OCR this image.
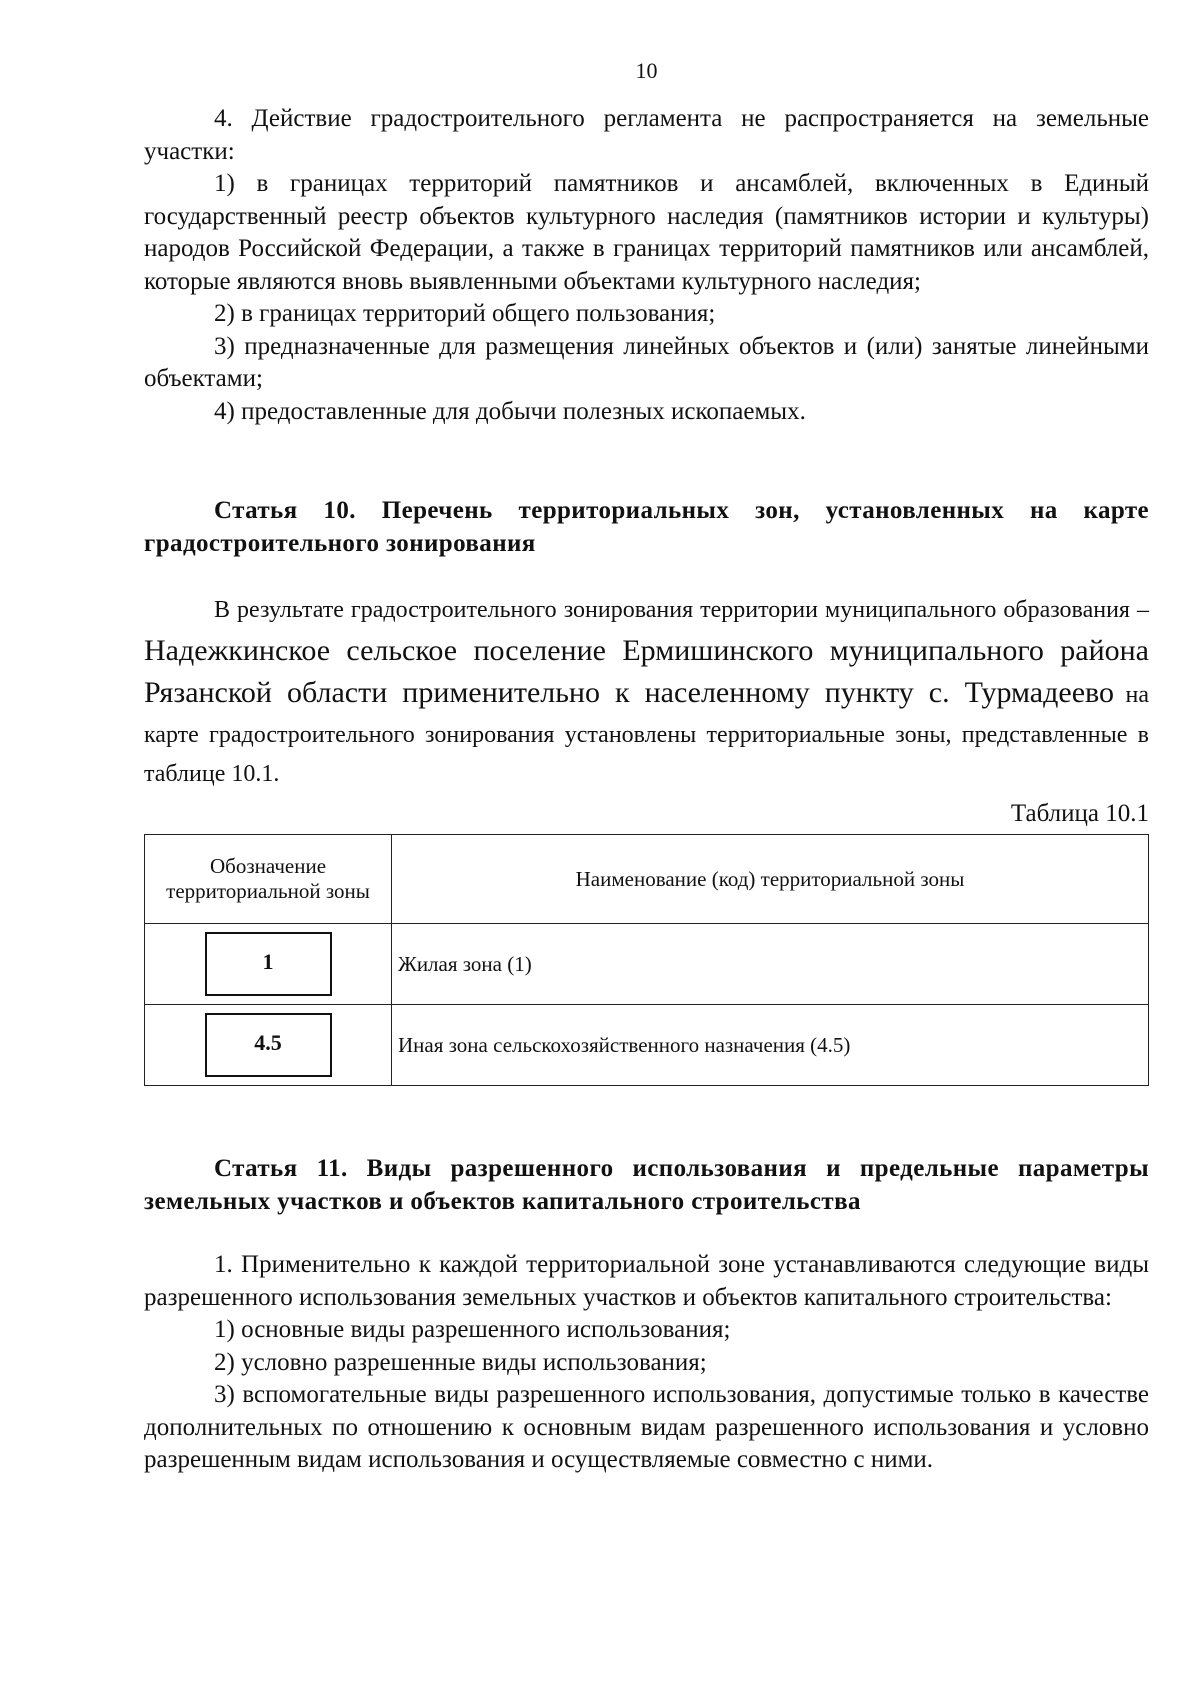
10

4. Действие градостроительного регламента не распространяется на земельные участки:

1) в границах территорий памятников и ансамблей, включенных в Единый государственный реестр объектов культурного наследия (памятников истории и культуры) народов Российской Федерации, а также в границах территорий памятников или ансамблей, которые являются вновь выявленными объектами культурного наследия;

2) в границах территорий общего пользования;

3) предназначенные для размещения линейных объектов и (или) занятые линейными объектами;

4) предоставленные для добычи полезных ископаемых.

Статья 10. Перечень территориальных зон, установленных на карте градостроительного зонирования

В результате градостроительного зонирования территории муниципального образования – Надежкинское сельское поселение Ермишинского муниципального района Рязанской области применительно к населенному пункту с. Турмадеево на карте градостроительного зонирования установлены территориальные зоны, представленные в таблице 10.1.

Таблица 10.1
Обозначение территориальной зоны	Наименование (код) территориальной зоны
1	Жилая зона (1)
4.5	Иная зона сельскохозяйственного назначения (4.5)

Статья 11. Виды разрешенного использования и предельные параметры земельных участков и объектов капитального строительства

1. Применительно к каждой территориальной зоне устанавливаются следующие виды разрешенного использования земельных участков и объектов капитального строительства:

1) основные виды разрешенного использования;

2) условно разрешенные виды использования;

3) вспомогательные виды разрешенного использования, допустимые только в качестве дополнительных по отношению к основным видам разрешенного использования и условно разрешенным видам использования и осуществляемые совместно с ними.
